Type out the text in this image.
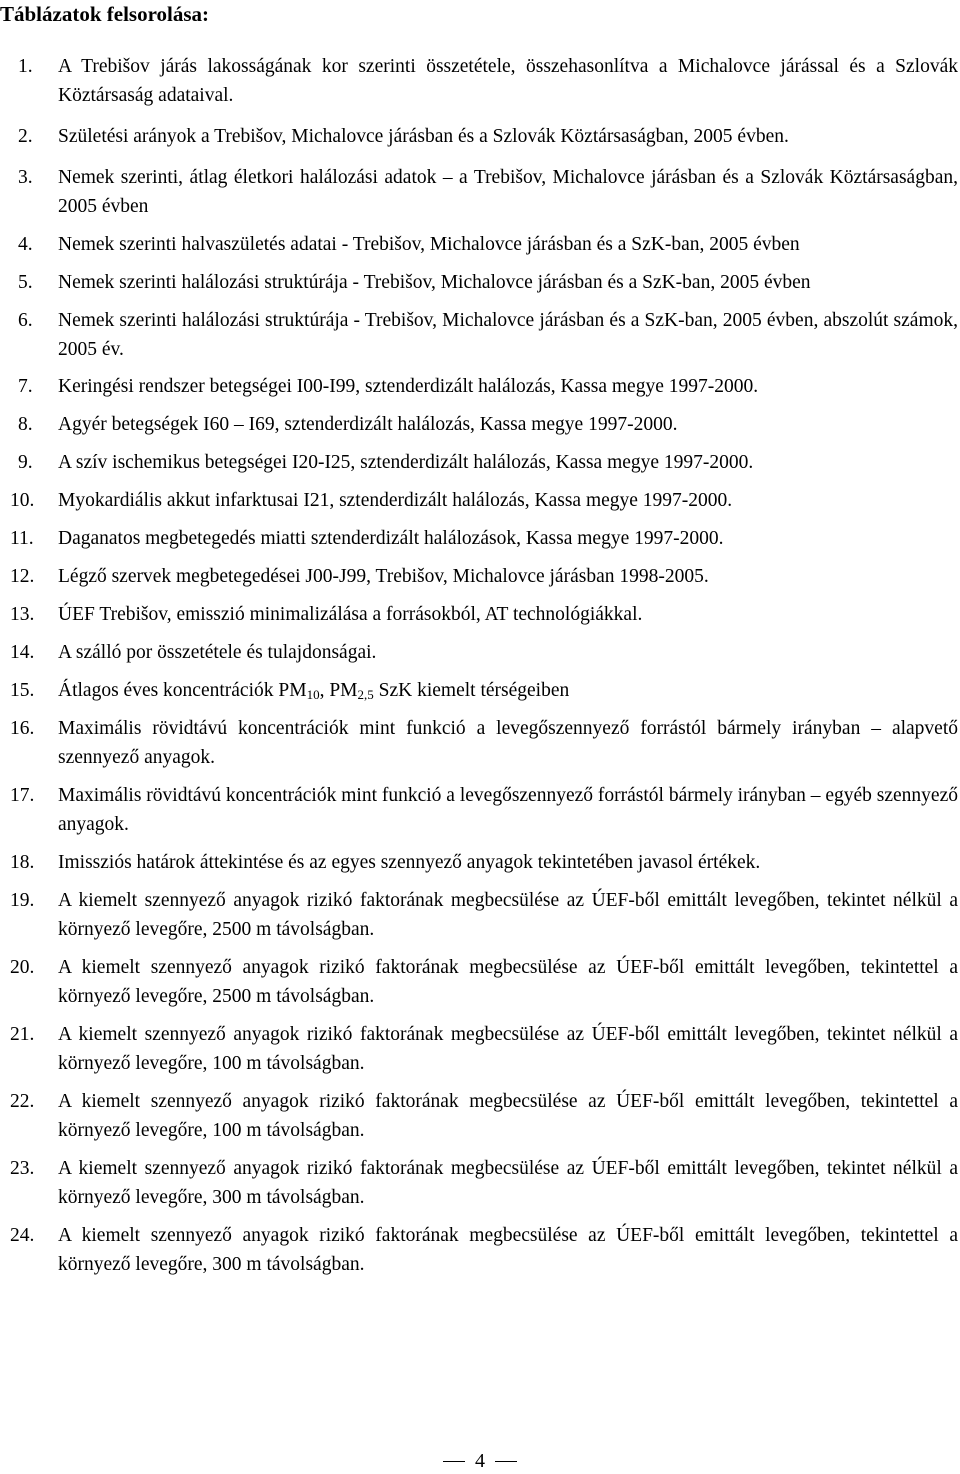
Táblázatok felsorolása:
1.	A Trebišov járás lakosságának kor szerinti összetétele, összehasonlítva a Michalovce járással és a Szlovák Köztársaság adataival.
2.	Születési arányok a Trebišov, Michalovce járásban és a Szlovák Köztársaságban, 2005 évben.
3.	Nemek szerinti, átlag életkori halálozási adatok – a Trebišov, Michalovce járásban és a Szlovák Köztársaságban, 2005 évben
4.	Nemek szerinti halvaszületés adatai - Trebišov, Michalovce járásban és a SzK-ban, 2005 évben
5.	Nemek szerinti halálozási struktúrája - Trebišov, Michalovce járásban és a SzK-ban, 2005 évben
6.	Nemek szerinti halálozási struktúrája - Trebišov, Michalovce járásban és a SzK-ban, 2005 évben, abszolút számok, 2005 év.
7.	Keringési rendszer betegségei I00-I99, sztenderdizált halálozás, Kassa megye 1997-2000.
8.	Agyér betegségek I60 – I69, sztenderdizált halálozás, Kassa megye 1997-2000.
9.	A szív ischemikus betegségei I20-I25, sztenderdizált halálozás, Kassa megye 1997-2000.
10.	Myokardiális akkut infarktusai I21, sztenderdizált halálozás, Kassa megye 1997-2000.
11.	Daganatos megbetegedés miatti sztenderdizált halálozások, Kassa megye 1997-2000.
12.	Légző szervek megbetegedései J00-J99, Trebišov, Michalovce járásban 1998-2005.
13.	ÚEF Trebišov, emisszió minimalizálása a forrásokból, AT technológiákkal.
14.	A szálló por összetétele és tulajdonságai.
15.	Átlagos éves koncentrációk $PM_{10}$, $PM_{2,5}$ SzK kiemelt térségeiben
16.	Maximális rövidtávú koncentrációk mint funkció a levegőszennyező forrástól bármely irányban – alapvető szennyező anyagok.
17.	Maximális rövidtávú koncentrációk mint funkció a levegőszennyező forrástól bármely irányban – egyéb szennyező anyagok.
18.	Imissziós határok áttekintése és az egyes szennyező anyagok tekintetében javasol értékek.
19.	A kiemelt szennyező anyagok rizikó faktorának megbecsülése az ÚEF-ből emittált levegőben, tekintet nélkül a környező levegőre, 2500 m távolságban.
20.	A kiemelt szennyező anyagok rizikó faktorának megbecsülése az ÚEF-ből emittált levegőben, tekintettel a környező levegőre, 2500 m távolságban.
21.	A kiemelt szennyező anyagok rizikó faktorának megbecsülése az ÚEF-ből emittált levegőben, tekintet nélkül a környező levegőre, 100 m távolságban.
22.	A kiemelt szennyező anyagok rizikó faktorának megbecsülése az ÚEF-ből emittált levegőben, tekintettel a környező levegőre, 100 m távolságban.
23.	A kiemelt szennyező anyagok rizikó faktorának megbecsülése az ÚEF-ből emittált levegőben, tekintet nélkül a környező levegőre, 300 m távolságban.
24.	A kiemelt szennyező anyagok rizikó faktorának megbecsülése az ÚEF-ből emittált levegőben, tekintettel a környező levegőre, 300 m távolságban.
4
